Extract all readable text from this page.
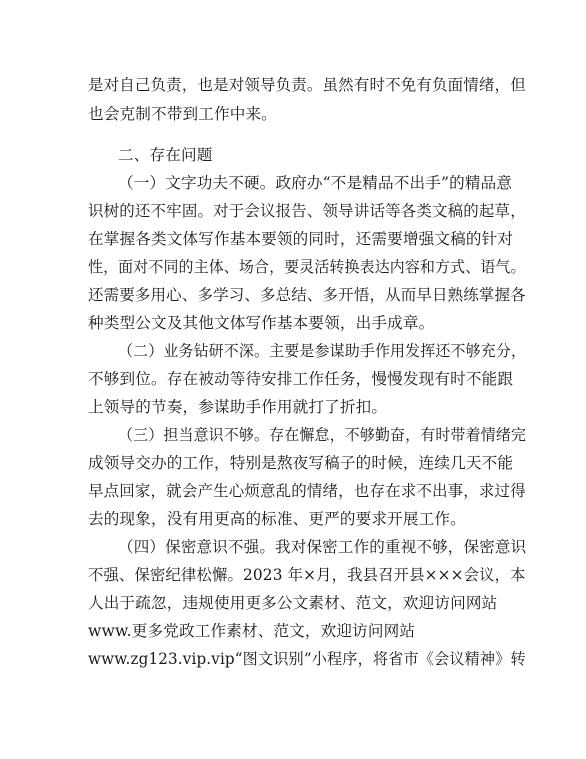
是对自己负责，也是对领导负责。虽然有时不免有负面情绪，但
也会克制不带到工作中来。
二、存在问题
（一）文字功夫不硬。政府办“不是精品不出手”的精品意
识树的还不牢固。对于会议报告、领导讲话等各类文稿的起草，
在掌握各类文体写作基本要领的同时，还需要增强文稿的针对
性，面对不同的主体、场合，要灵活转换表达内容和方式、语气。
还需要多用心、多学习、多总结、多开悟，从而早日熟练掌握各
种类型公文及其他文体写作基本要领，出手成章。
（二）业务钻研不深。主要是参谋助手作用发挥还不够充分，
不够到位。存在被动等待安排工作任务，慢慢发现有时不能跟
上领导的节奏，参谋助手作用就打了折扣。
（三）担当意识不够。存在懈怠，不够勤奋，有时带着情绪完
成领导交办的工作，特别是熬夜写稿子的时候，连续几天不能
早点回家，就会产生心烦意乱的情绪，也存在求不出事，求过得
去的现象，没有用更高的标准、更严的要求开展工作。
（四）保密意识不强。我对保密工作的重视不够，保密意识
不强、保密纪律松懈。2023 年×月，我县召开县×××会议，本
人出于疏忽，违规使用更多公文素材、范文，欢迎访问网站
www.更多党政工作素材、范文，欢迎访问网站
www.zg123.vip.vip“图文识别”小程序，将省市《会议精神》转
